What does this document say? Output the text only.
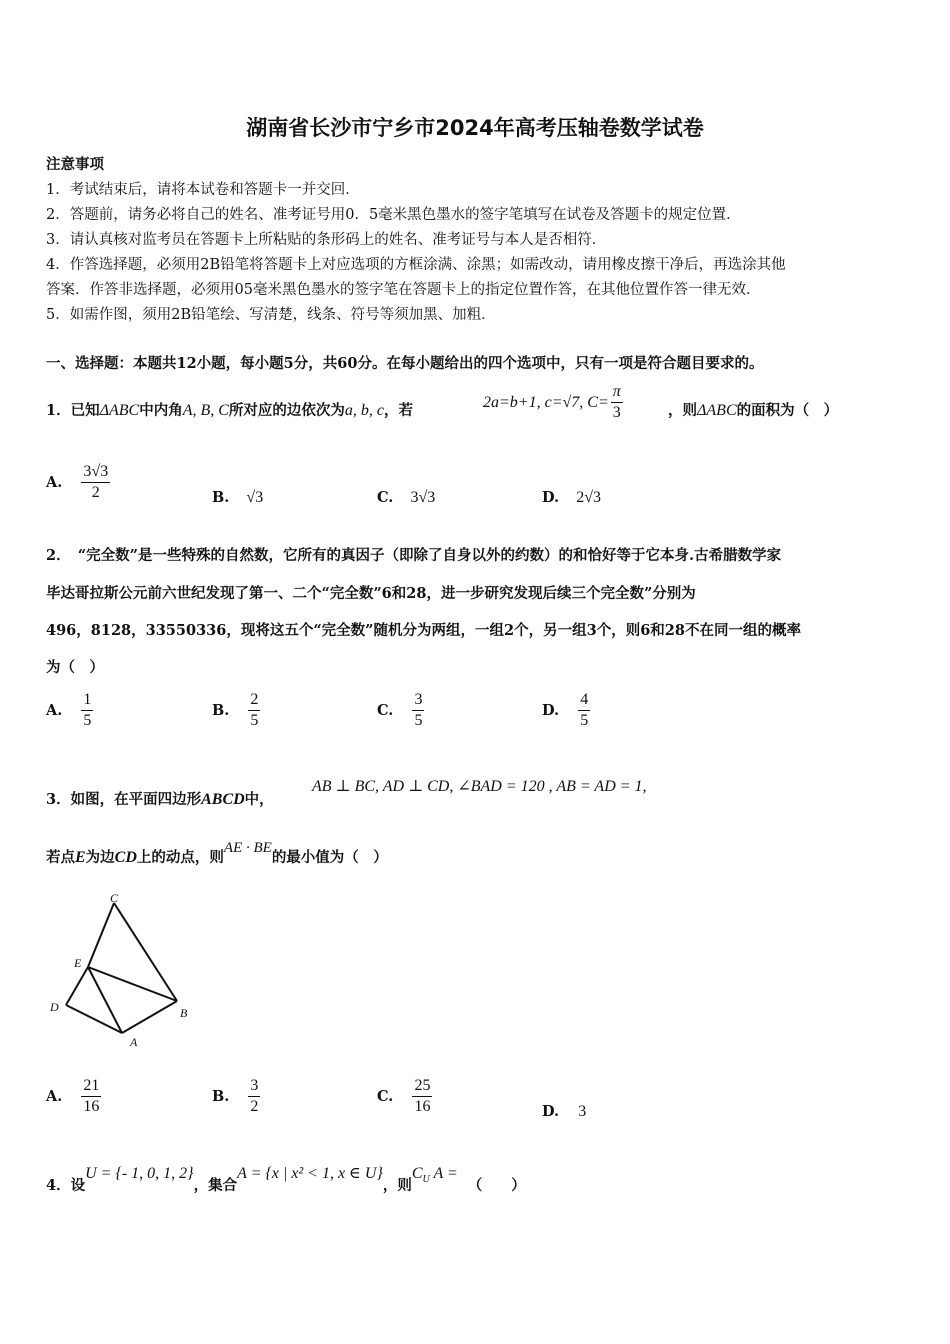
湖南省长沙市宁乡市2024年高考压轴卷数学试卷
注意事项
1．考试结束后，请将本试卷和答题卡一并交回．
2．答题前，请务必将自己的姓名、准考证号用0．5毫米黑色墨水的签字笔填写在试卷及答题卡的规定位置．
3．请认真核对监考员在答题卡上所粘贴的条形码上的姓名、准考证号与本人是否相符．
4．作答选择题，必须用2B铅笔将答题卡上对应选项的方框涂满、涂黑；如需改动，请用橡皮擦干净后，再选涂其他
答案．作答非选择题，必须用05毫米黑色墨水的签字笔在答题卡上的指定位置作答，在其他位置作答一律无效．
5．如需作图，须用2B铅笔绘、写清楚，线条、符号等须加黑、加粗．
一、选择题：本题共12小题，每小题5分，共60分。在每小题给出的四个选项中，只有一项是符合题目要求的。
1．已知ΔABC中内角A, B, C所对应的边依次为a, b, c，若	2a=b+1, c=√7, $C= \frac{\pi}{3}$	，则ΔABC的面积为（　）
A. $\frac{3√3}{2}$	B. √3	C. 3√3	D. 2√3
2．　“完全数”是一些特殊的自然数，它所有的真因子（即除了自身以外的约数）的和恰好等于它本身.古希腊数学家
毕达哥拉斯公元前六世纪发现了第一、二个“完全数”6和28，进一步研究发现后续三个完全数”分别为
496，8128，33550336，现将这五个“完全数”随机分为两组，一组2个，另一组3个，则6和28不在同一组的概率
为（　）
A. $\frac{1}{5}$	B. $\frac{2}{5}$	C. $\frac{3}{5}$	D. $\frac{4}{5}$
3．如图，在平面四边形ABCD中，
AB ⊥ BC, AD ⊥ CD, ∠BAD = 120 , AB = AD = 1,
若点E为边CD上的动点，则AE · BE的最小值为（　）
C
E
D	B
A
A. $\frac{21}{16}$	B. $\frac{3}{2}$	C. $\frac{25}{16}$	D. 3
4．设U = {- 1, 0, 1, 2}，集合A = {x | x² < 1, x ∈ U}，则$C_U$ A =（　　）
